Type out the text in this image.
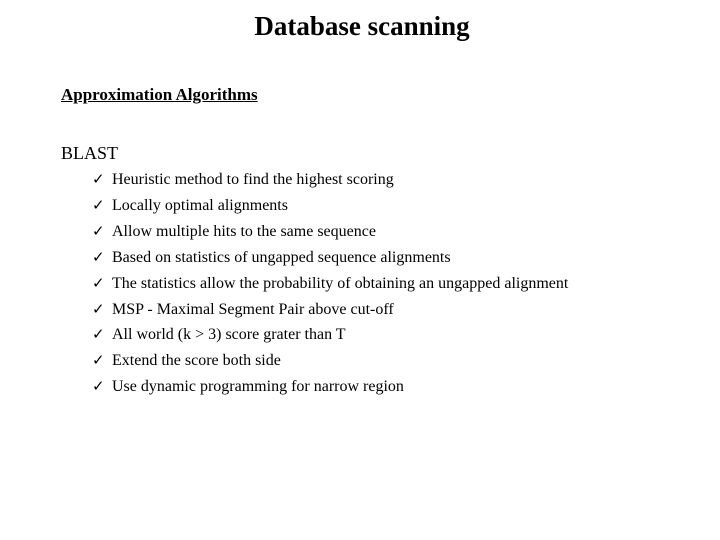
Database scanning
Approximation Algorithms
BLAST
✓ Heuristic method to find the highest scoring
✓ Locally optimal alignments
✓ Allow multiple hits to the same sequence
✓ Based on statistics of ungapped sequence alignments
✓ The statistics allow the probability of obtaining an ungapped alignment
✓ MSP - Maximal Segment Pair above cut-off
✓ All world (k > 3) score grater than T
✓ Extend the score both side
✓ Use dynamic programming for narrow region
